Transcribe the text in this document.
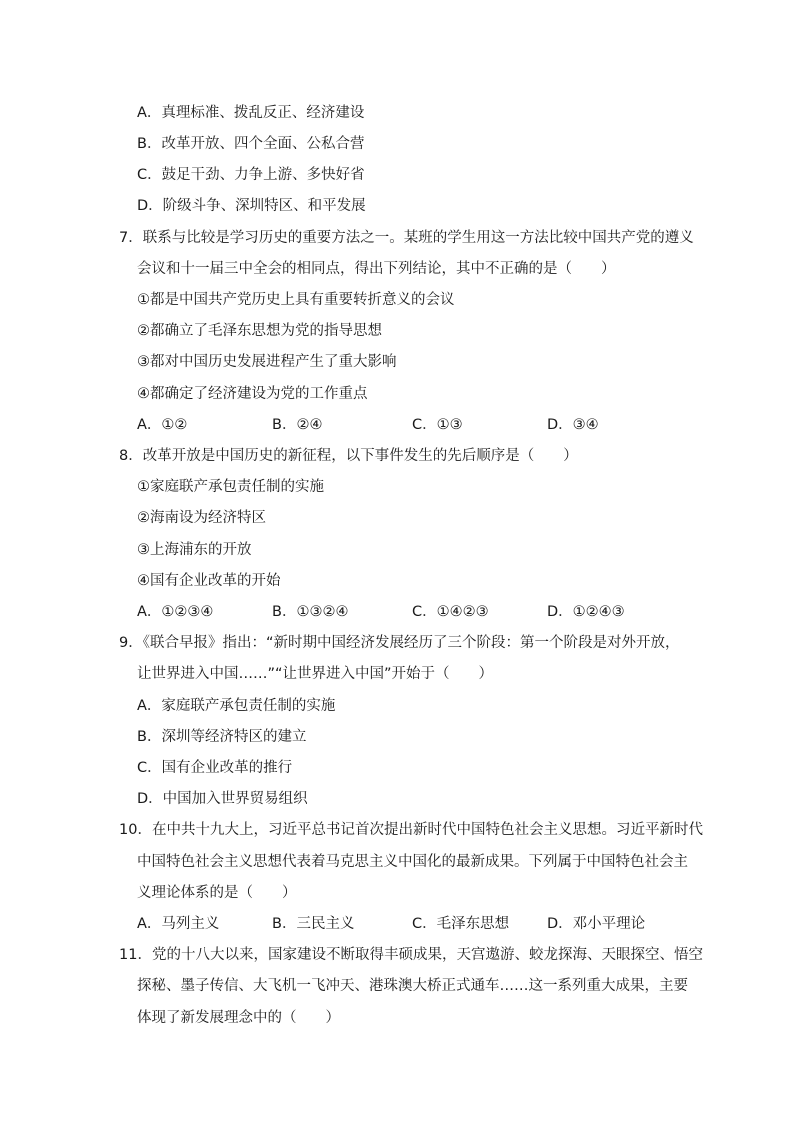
A．真理标准、拨乱反正、经济建设
B．改革开放、四个全面、公私合营
C．鼓足干劲、力争上游、多快好省
D．阶级斗争、深圳特区、和平发展
7．联系与比较是学习历史的重要方法之一。某班的学生用这一方法比较中国共产党的遵义
会议和十一届三中全会的相同点，得出下列结论，其中不正确的是（　　）
①都是中国共产党历史上具有重要转折意义的会议
②都确立了毛泽东思想为党的指导思想
③都对中国历史发展进程产生了重大影响
④都确定了经济建设为党的工作重点
A．①②	B．②④	C．①③	D．③④
8．改革开放是中国历史的新征程，以下事件发生的先后顺序是（　　）
①家庭联产承包责任制的实施
②海南设为经济特区
③上海浦东的开放
④国有企业改革的开始
A．①②③④	B．①③②④	C．①④②③	D．①②④③
9．《联合早报》指出：“新时期中国经济发展经历了三个阶段：第一个阶段是对外开放，
让世界进入中国……”“让世界进入中国”开始于（　　）
A．家庭联产承包责任制的实施
B．深圳等经济特区的建立
C．国有企业改革的推行
D．中国加入世界贸易组织
10．在中共十九大上，习近平总书记首次提出新时代中国特色社会主义思想。习近平新时代
中国特色社会主义思想代表着马克思主义中国化的最新成果。下列属于中国特色社会主
义理论体系的是（　　）
A．马列主义	B．三民主义	C．毛泽东思想	D．邓小平理论
11．党的十八大以来，国家建设不断取得丰硕成果，天宫遨游、蛟龙探海、天眼探空、悟空
探秘、墨子传信、大飞机一飞冲天、港珠澳大桥正式通车……这一系列重大成果，主要
体现了新发展理念中的（　　）
